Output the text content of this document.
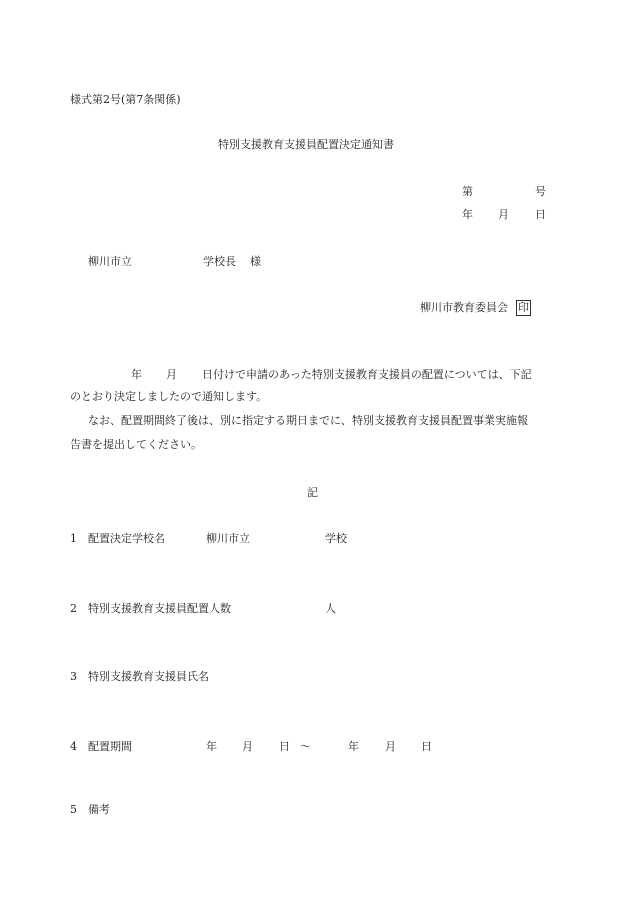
様式第2号(第7条関係)
特別支援教育支援員配置決定通知書
第	号
年 月 日
柳川市立	学校長 様
柳川市教育委員会 印
年 月 日付けで申請のあった特別支援教育支援員の配置については、下記
のとおり決定しましたので通知します。
なお、配置期間終了後は、別に指定する期日までに、特別支援教育支援員配置事業実施報
告書を提出してください。
記
1　配置決定学校名	柳川市立	学校
2　特別支援教育支援員配置人数	人
3　特別支援教育支援員氏名
4　配置期間	年 月 日 ～	年 月 日
5　備考
